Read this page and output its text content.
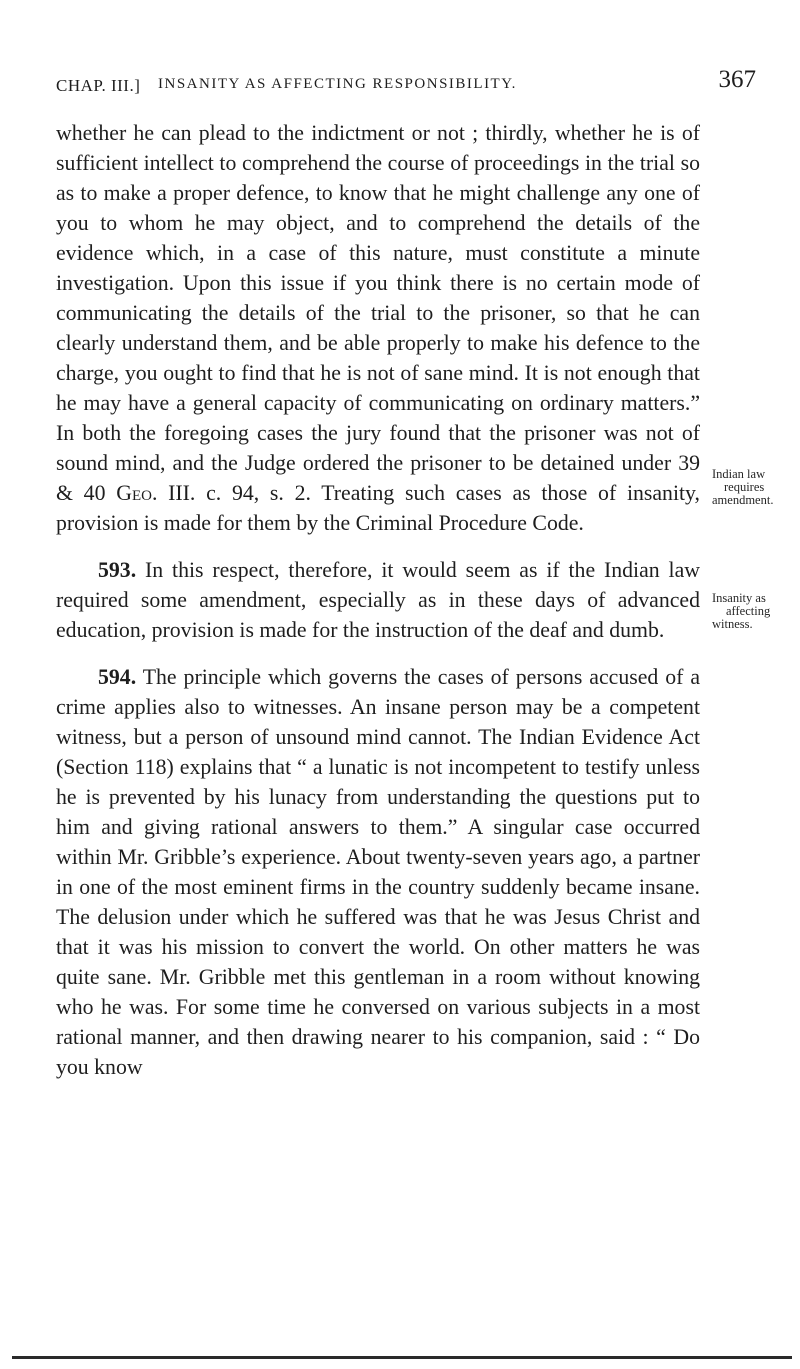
CHAP. III.] INSANITY AS AFFECTING RESPONSIBILITY.	367

whether he can plead to the indictment or not ; thirdly, whether he is of sufficient intellect to comprehend the course of proceedings in the trial so as to make a proper defence, to know that he might challenge any one of you to whom he may object, and to comprehend the details of the evidence which, in a case of this nature, must constitute a minute investigation. Upon this issue if you think there is no certain mode of communicating the details of the trial to the prisoner, so that he can clearly understand them, and be able properly to make his defence to the charge, you ought to find that he is not of sane mind. It is not enough that he may have a general capacity of communicating on ordinary matters.” In both the foregoing cases the jury found that the prisoner was not of sound mind, and the Judge ordered the prisoner to be detained under 39 & 40 Geo. III. c. 94, s. 2. Treating such cases as those of insanity, provision is made for them by the Criminal Procedure Code.

593. In this respect, therefore, it would seem as if the Indian law required some amendment, especially as in these days of advanced education, provision is made for the instruction of the deaf and dumb.

594. The principle which governs the cases of persons accused of a crime applies also to witnesses. An insane person may be a competent witness, but a person of unsound mind cannot. The Indian Evidence Act (Section 118) explains that “ a lunatic is not incompetent to testify unless he is prevented by his lunacy from understanding the questions put to him and giving rational answers to them.” A singular case occurred within Mr. Gribble’s experience. About twenty-seven years ago, a partner in one of the most eminent firms in the country suddenly became insane. The delusion under which he suffered was that he was Jesus Christ and that it was his mission to convert the world. On other matters he was quite sane. Mr. Gribble met this gentleman in a room without knowing who he was. For some time he conversed on various subjects in a most rational manner, and then drawing nearer to his companion, said : “ Do you know

Indian law
requires
amendment.
Insanity as
affecting
witness.
